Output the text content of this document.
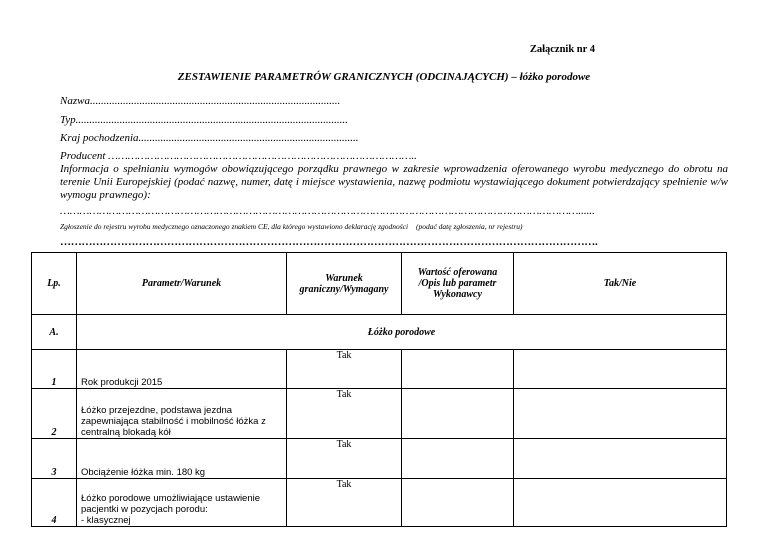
Załącznik nr 4
ZESTAWIENIE PARAMETRÓW GRANICZNYCH (ODCINAJĄCYCH) – łóżko porodowe
Nazwa...........................................................................................
Typ...................................................................................................
Kraj pochodzenia................................................................................
Producent …………………………………………………………………………………..
Informacja o spełnianiu wymogów obowiązującego porządku prawnego w zakresie wprowadzenia oferowanego wyrobu medycznego do obrotu na terenie Unii Europejskiej (podać nazwę, numer, datę i miejsce wystawienia, nazwę podmiotu wystawiającego dokument potwierdzający spełnienie w/w wymogu prawnego):
……………………………………………………………………………………………………………………………………………......
Zgłoszenie do rejestru wyrobu medycznego oznaczonego znakiem CE, dla którego wystawiono deklarację zgodności (podać datę zgłoszenia, nr rejestru)
…………………………………………………………………………………………………………………………………….
Lp.	Parametr/Warunek	Warunek graniczny/Wymagany	Wartość oferowana /Opis lub parametr Wykonawcy	Tak/Nie
A.	Łóżko porodowe			
1	Rok produkcji 2015	Tak		
2	Łóżko przejezdne, podstawa jezdna zapewniająca stabilność i mobilność łóżka z centralną blokadą kół	Tak		
3	Obciążenie łóżka min. 180 kg	Tak		
4	Łóżko porodowe umożliwiające ustawienie pacjentki w pozycjach porodu:
- klasycznej	Tak		
